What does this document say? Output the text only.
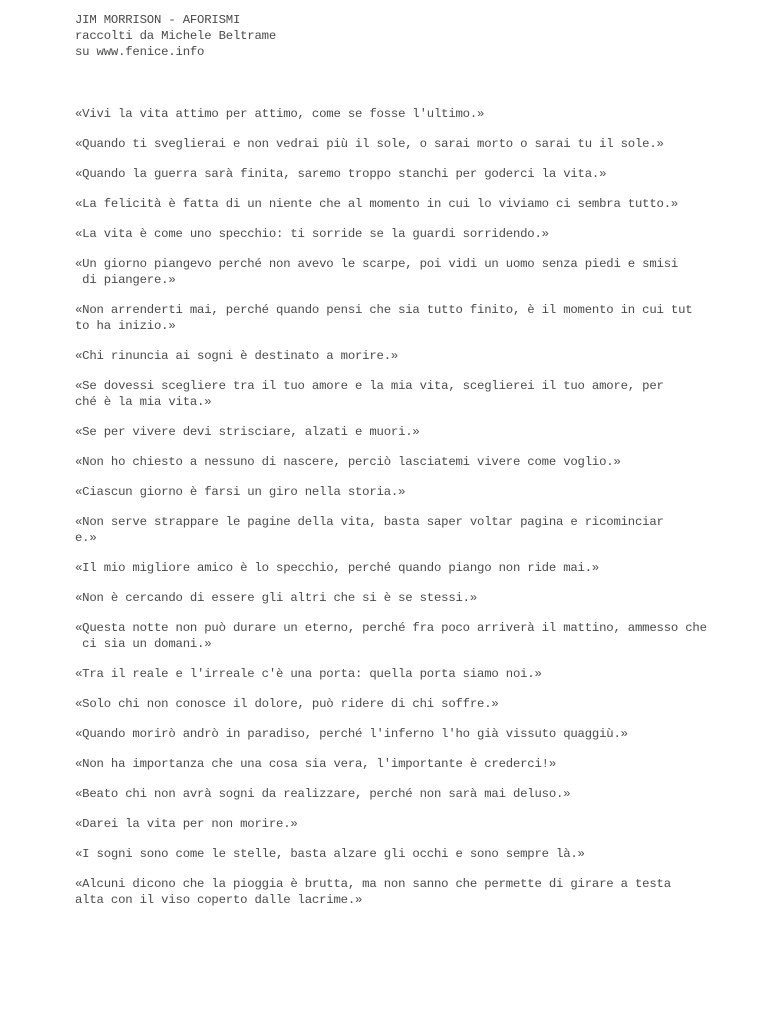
JIM MORRISON - AFORISMI
raccolti da Michele Beltrame
su www.fenice.info

«Vivi la vita attimo per attimo, come se fosse l'ultimo.»

«Quando ti sveglierai e non vedrai più il sole, o sarai morto o sarai tu il sole.»

«Quando la guerra sarà finita, saremo troppo stanchi per goderci la vita.»

«La felicità è fatta di un niente che al momento in cui lo viviamo ci sembra tutto.»

«La vita è come uno specchio: ti sorride se la guardi sorridendo.»

«Un giorno piangevo perché non avevo le scarpe, poi vidi un uomo senza piedi e smisi
di piangere.»

«Non arrenderti mai, perché quando pensi che sia tutto finito, è il momento in cui tut
to ha inizio.»

«Chi rinuncia ai sogni è destinato a morire.»

«Se dovessi scegliere tra il tuo amore e la mia vita, sceglierei il tuo amore, per
ché è la mia vita.»

«Se per vivere devi strisciare, alzati e muori.»

«Non ho chiesto a nessuno di nascere, perciò lasciatemi vivere come voglio.»

«Ciascun giorno è farsi un giro nella storia.»

«Non serve strappare le pagine della vita, basta saper voltar pagina e ricominciar
e.»

«Il mio migliore amico è lo specchio, perché quando piango non ride mai.»

«Non è cercando di essere gli altri che si è se stessi.»

«Questa notte non può durare un eterno, perché fra poco arriverà il mattino, ammesso che
ci sia un domani.»

«Tra il reale e l'irreale c'è una porta: quella porta siamo noi.»

«Solo chi non conosce il dolore, può ridere di chi soffre.»

«Quando morirò andrò in paradiso, perché l'inferno l'ho già vissuto quaggiù.»

«Non ha importanza che una cosa sia vera, l'importante è crederci!»

«Beato chi non avrà sogni da realizzare, perché non sarà mai deluso.»

«Darei la vita per non morire.»

«I sogni sono come le stelle, basta alzare gli occhi e sono sempre là.»

«Alcuni dicono che la pioggia è brutta, ma non sanno che permette di girare a testa
alta con il viso coperto dalle lacrime.»
